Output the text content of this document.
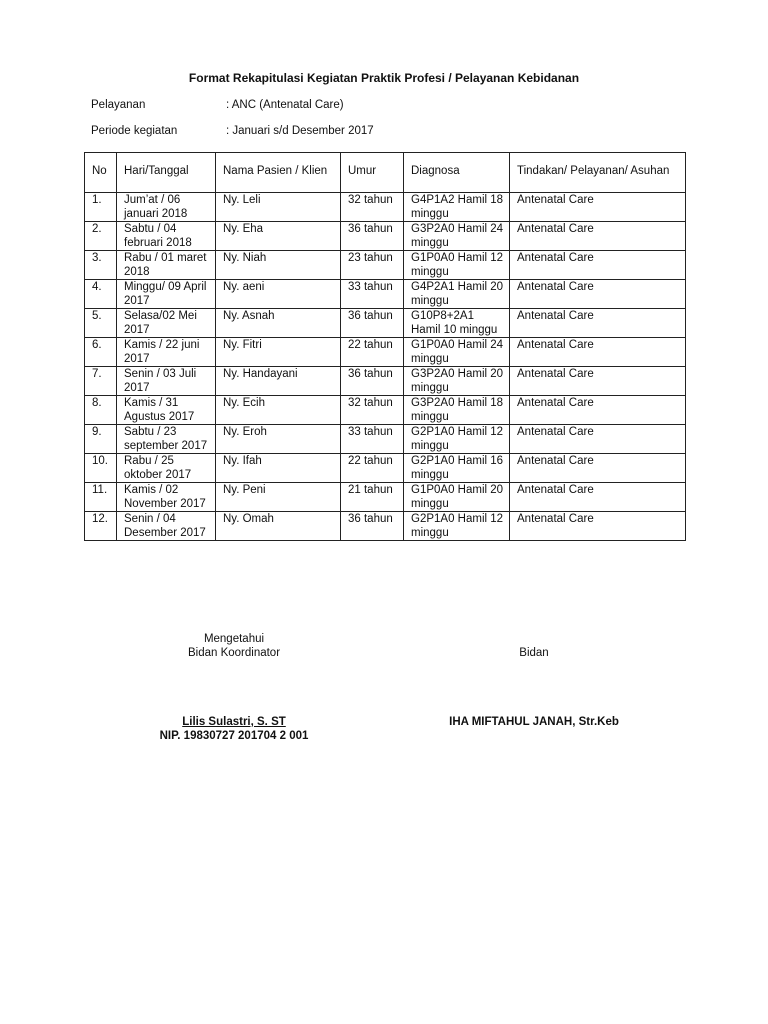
Format Rekapitulasi Kegiatan Praktik Profesi / Pelayanan Kebidanan
Pelayanan	: ANC (Antenatal Care)
Periode kegiatan	: Januari s/d Desember 2017
No	Hari/Tanggal	Nama Pasien / Klien	Umur	Diagnosa	Tindakan/ Pelayanan/ Asuhan
1.	Jum’at / 06 januari 2018	Ny. Leli	32 tahun	G4P1A2 Hamil 18 minggu	Antenatal Care
2.	Sabtu / 04 februari 2018	Ny. Eha	36 tahun	G3P2A0 Hamil 24 minggu	Antenatal Care
3.	Rabu / 01 maret 2018	Ny. Niah	23 tahun	G1P0A0 Hamil 12 minggu	Antenatal Care
4.	Minggu/ 09 April 2017	Ny. aeni	33 tahun	G4P2A1 Hamil 20 minggu	Antenatal Care
5.	Selasa/02 Mei 2017	Ny. Asnah	36 tahun	G10P8+2A1 Hamil 10 minggu	Antenatal Care
6.	Kamis / 22 juni 2017	Ny. Fitri	22 tahun	G1P0A0 Hamil 24 minggu	Antenatal Care
7.	Senin / 03 Juli 2017	Ny. Handayani	36 tahun	G3P2A0 Hamil 20 minggu	Antenatal Care
8.	Kamis / 31 Agustus 2017	Ny. Ecih	32 tahun	G3P2A0 Hamil 18 minggu	Antenatal Care
9.	Sabtu / 23 september 2017	Ny. Eroh	33 tahun	G2P1A0 Hamil 12 minggu	Antenatal Care
10.	Rabu / 25 oktober 2017	Ny. Ifah	22 tahun	G2P1A0 Hamil 16 minggu	Antenatal Care
11.	Kamis / 02 November 2017	Ny. Peni	21 tahun	G1P0A0 Hamil 20 minggu	Antenatal Care
12.	Senin / 04 Desember 2017	Ny. Omah	36 tahun	G2P1A0 Hamil 12 minggu	Antenatal Care
Mengetahui
Bidan Koordinator	Bidan
Lilis Sulastri, S. ST
NIP. 19830727 201704 2 001
IHA MIFTAHUL JANAH, Str.Keb
